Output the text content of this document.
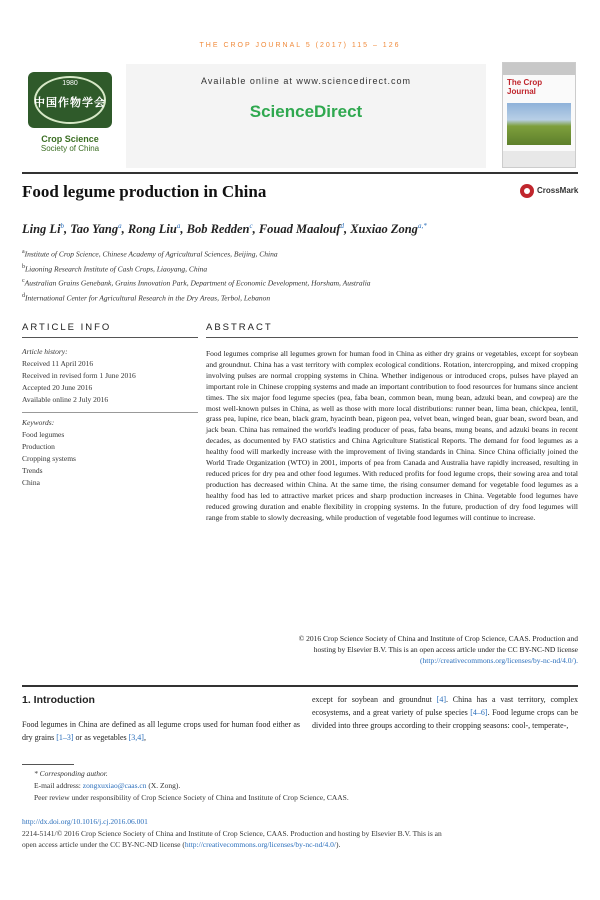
THE CROP JOURNAL 5 (2017) 115 – 126
1980
中国作物学会
Crop Science
Society of China
Available online at www.sciencedirect.com
ScienceDirect
The Crop Journal
Food legume production in China	CrossMark
Ling Li$^b$, Tao Yang$^a$, Rong Liu$^a$, Bob Redden$^c$, Fouad Maalouf$^d$, Xuxiao Zong$^{a,*}$
$^a$Institute of Crop Science, Chinese Academy of Agricultural Sciences, Beijing, China
$^b$Liaoning Research Institute of Cash Crops, Liaoyang, China
$^c$Australian Grains Genebank, Grains Innovation Park, Department of Economic Development, Horsham, Australia
$^d$International Center for Agricultural Research in the Dry Areas, Terbol, Lebanon
ARTICLE INFO	ABSTRACT
Article history:
Received 11 April 2016
Received in revised form 1 June 2016
Accepted 20 June 2016
Available online 2 July 2016
Keywords:
Food legumes
Production
Cropping systems
Trends
China
Food legumes comprise all legumes grown for human food in China as either dry grains or vegetables, except for soybean and groundnut. China has a vast territory with complex ecological conditions. Rotation, intercropping, and mixed cropping involving pulses are normal cropping systems in China. Whether indigenous or introduced crops, pulses have played an important role in Chinese cropping systems and made an important contribution to food resources for humans since ancient times. The six major food legume species (pea, faba bean, common bean, mung bean, adzuki bean, and cowpea) are the most well-known pulses in China, as well as those with more local distributions: runner bean, lima bean, chickpea, lentil, grass pea, lupine, rice bean, black gram, hyacinth bean, pigeon pea, velvet bean, winged bean, guar bean, sword bean, and jack bean. China has remained the world's leading producer of peas, faba beans, mung beans, and adzuki beans in recent decades, as documented by FAO statistics and China Agriculture Statistical Reports. The demand for food legumes as a healthy food will markedly increase with the improvement of living standards in China. Since China officially joined the World Trade Organization (WTO) in 2001, imports of pea from Canada and Australia have rapidly increased, resulting in reduced prices for dry pea and other food legumes. With reduced profits for food legume crops, their sowing area and total production has decreased within China. At the same time, the rising consumer demand for vegetable food legumes as a healthy food has led to attractive market prices and sharp production increases in China. Vegetable food legumes have reduced growing duration and enable flexibility in cropping systems. In the future, production of dry food legumes will range from stable to slowly decreasing, while production of vegetable food legumes will continue to increase.
© 2016 Crop Science Society of China and Institute of Crop Science, CAAS. Production and
hosting by Elsevier B.V. This is an open access article under the CC BY-NC-ND license
(http://creativecommons.org/licenses/by-nc-nd/4.0/).
1. Introduction
Food legumes in China are defined as all legume crops used for human food either as dry grains [1–3] or as vegetables [3,4],
except for soybean and groundnut [4]. China has a vast territory, complex ecosystems, and a great variety of pulse species [4–6]. Food legume crops can be divided into three groups according to their cropping seasons: cool-, temperate-,
* Corresponding author.
E-mail address: zongxuxiao@caas.cn (X. Zong).
Peer review under responsibility of Crop Science Society of China and Institute of Crop Science, CAAS.
http://dx.doi.org/10.1016/j.cj.2016.06.001
2214-5141/© 2016 Crop Science Society of China and Institute of Crop Science, CAAS. Production and hosting by Elsevier B.V. This is an
open access article under the CC BY-NC-ND license (http://creativecommons.org/licenses/by-nc-nd/4.0/).
